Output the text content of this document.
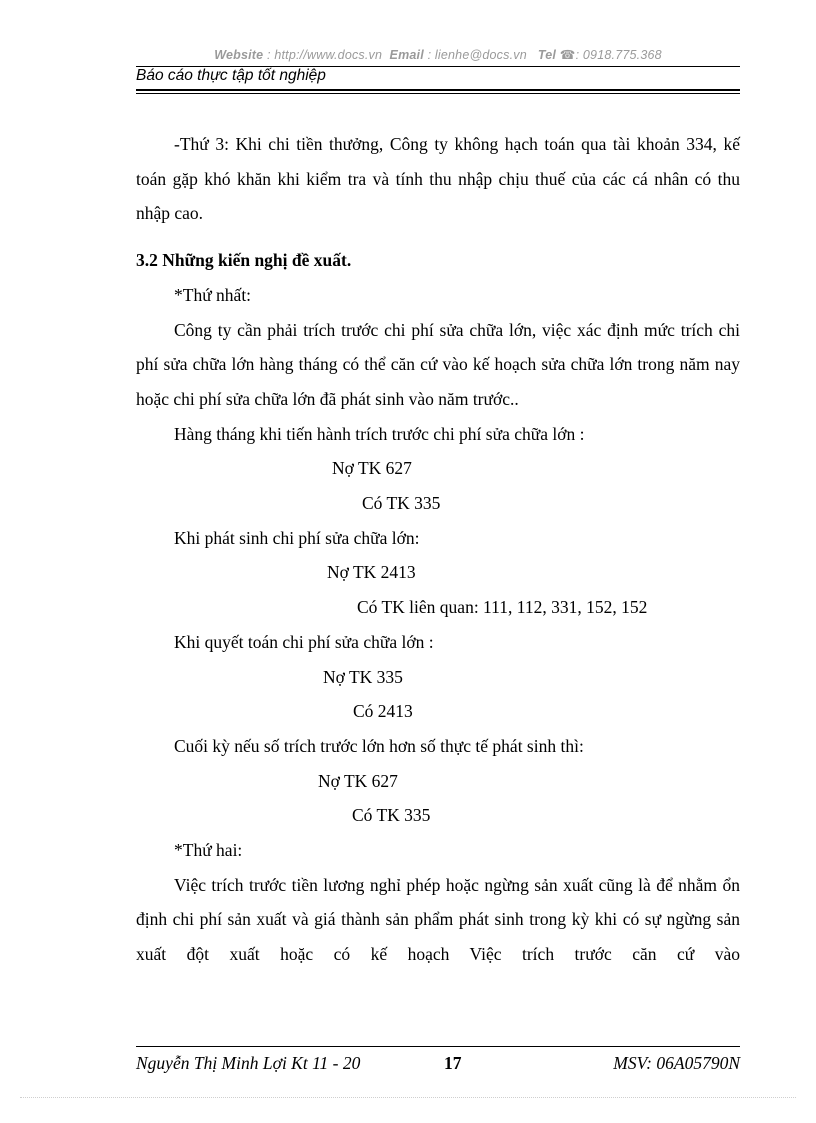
Website : http://www.docs.vn Email : lienhe@docs.vn Tel ☎: 0918.775.368
Báo cáo thực tập tốt nghiệp

-Thứ 3: Khi chi tiền thưởng, Công ty không hạch toán qua tài khoản 334, kế toán gặp khó khăn khi kiểm tra và tính thu nhập chịu thuế của các cá nhân có thu nhập cao.

3.2 Những kiến nghị đề xuất.

*Thứ nhất:

Công ty cần phải trích trước chi phí sửa chữa lớn, việc xác định mức trích chi phí sửa chữa lớn hàng tháng có thể căn cứ vào kế hoạch sửa chữa lớn trong năm nay hoặc chi phí sửa chữa lớn đã phát sinh vào năm trước..

Hàng tháng khi tiến hành trích trước chi phí sửa chữa lớn :

Nợ TK 627

Có TK 335

Khi phát sinh chi phí sửa chữa lớn:

Nợ TK 2413

Có TK liên quan: 111, 112, 331, 152, 152

Khi quyết toán chi phí sửa chữa lớn :

Nợ TK 335

Có 2413

Cuối kỳ nếu số trích trước lớn hơn số thực tế phát sinh thì:

Nợ TK 627

Có TK 335

*Thứ hai:

Việc trích trước tiền lương nghỉ phép hoặc ngừng sản xuất cũng là để nhằm ổn định chi phí sản xuất và giá thành sản phẩm phát sinh trong kỳ khi có sự ngừng sản xuất đột xuất hoặc có kế hoạch Việc trích trước căn cứ vào

Nguyễn Thị Minh Lợi Kt 11 - 20	17	MSV: 06A05790N
